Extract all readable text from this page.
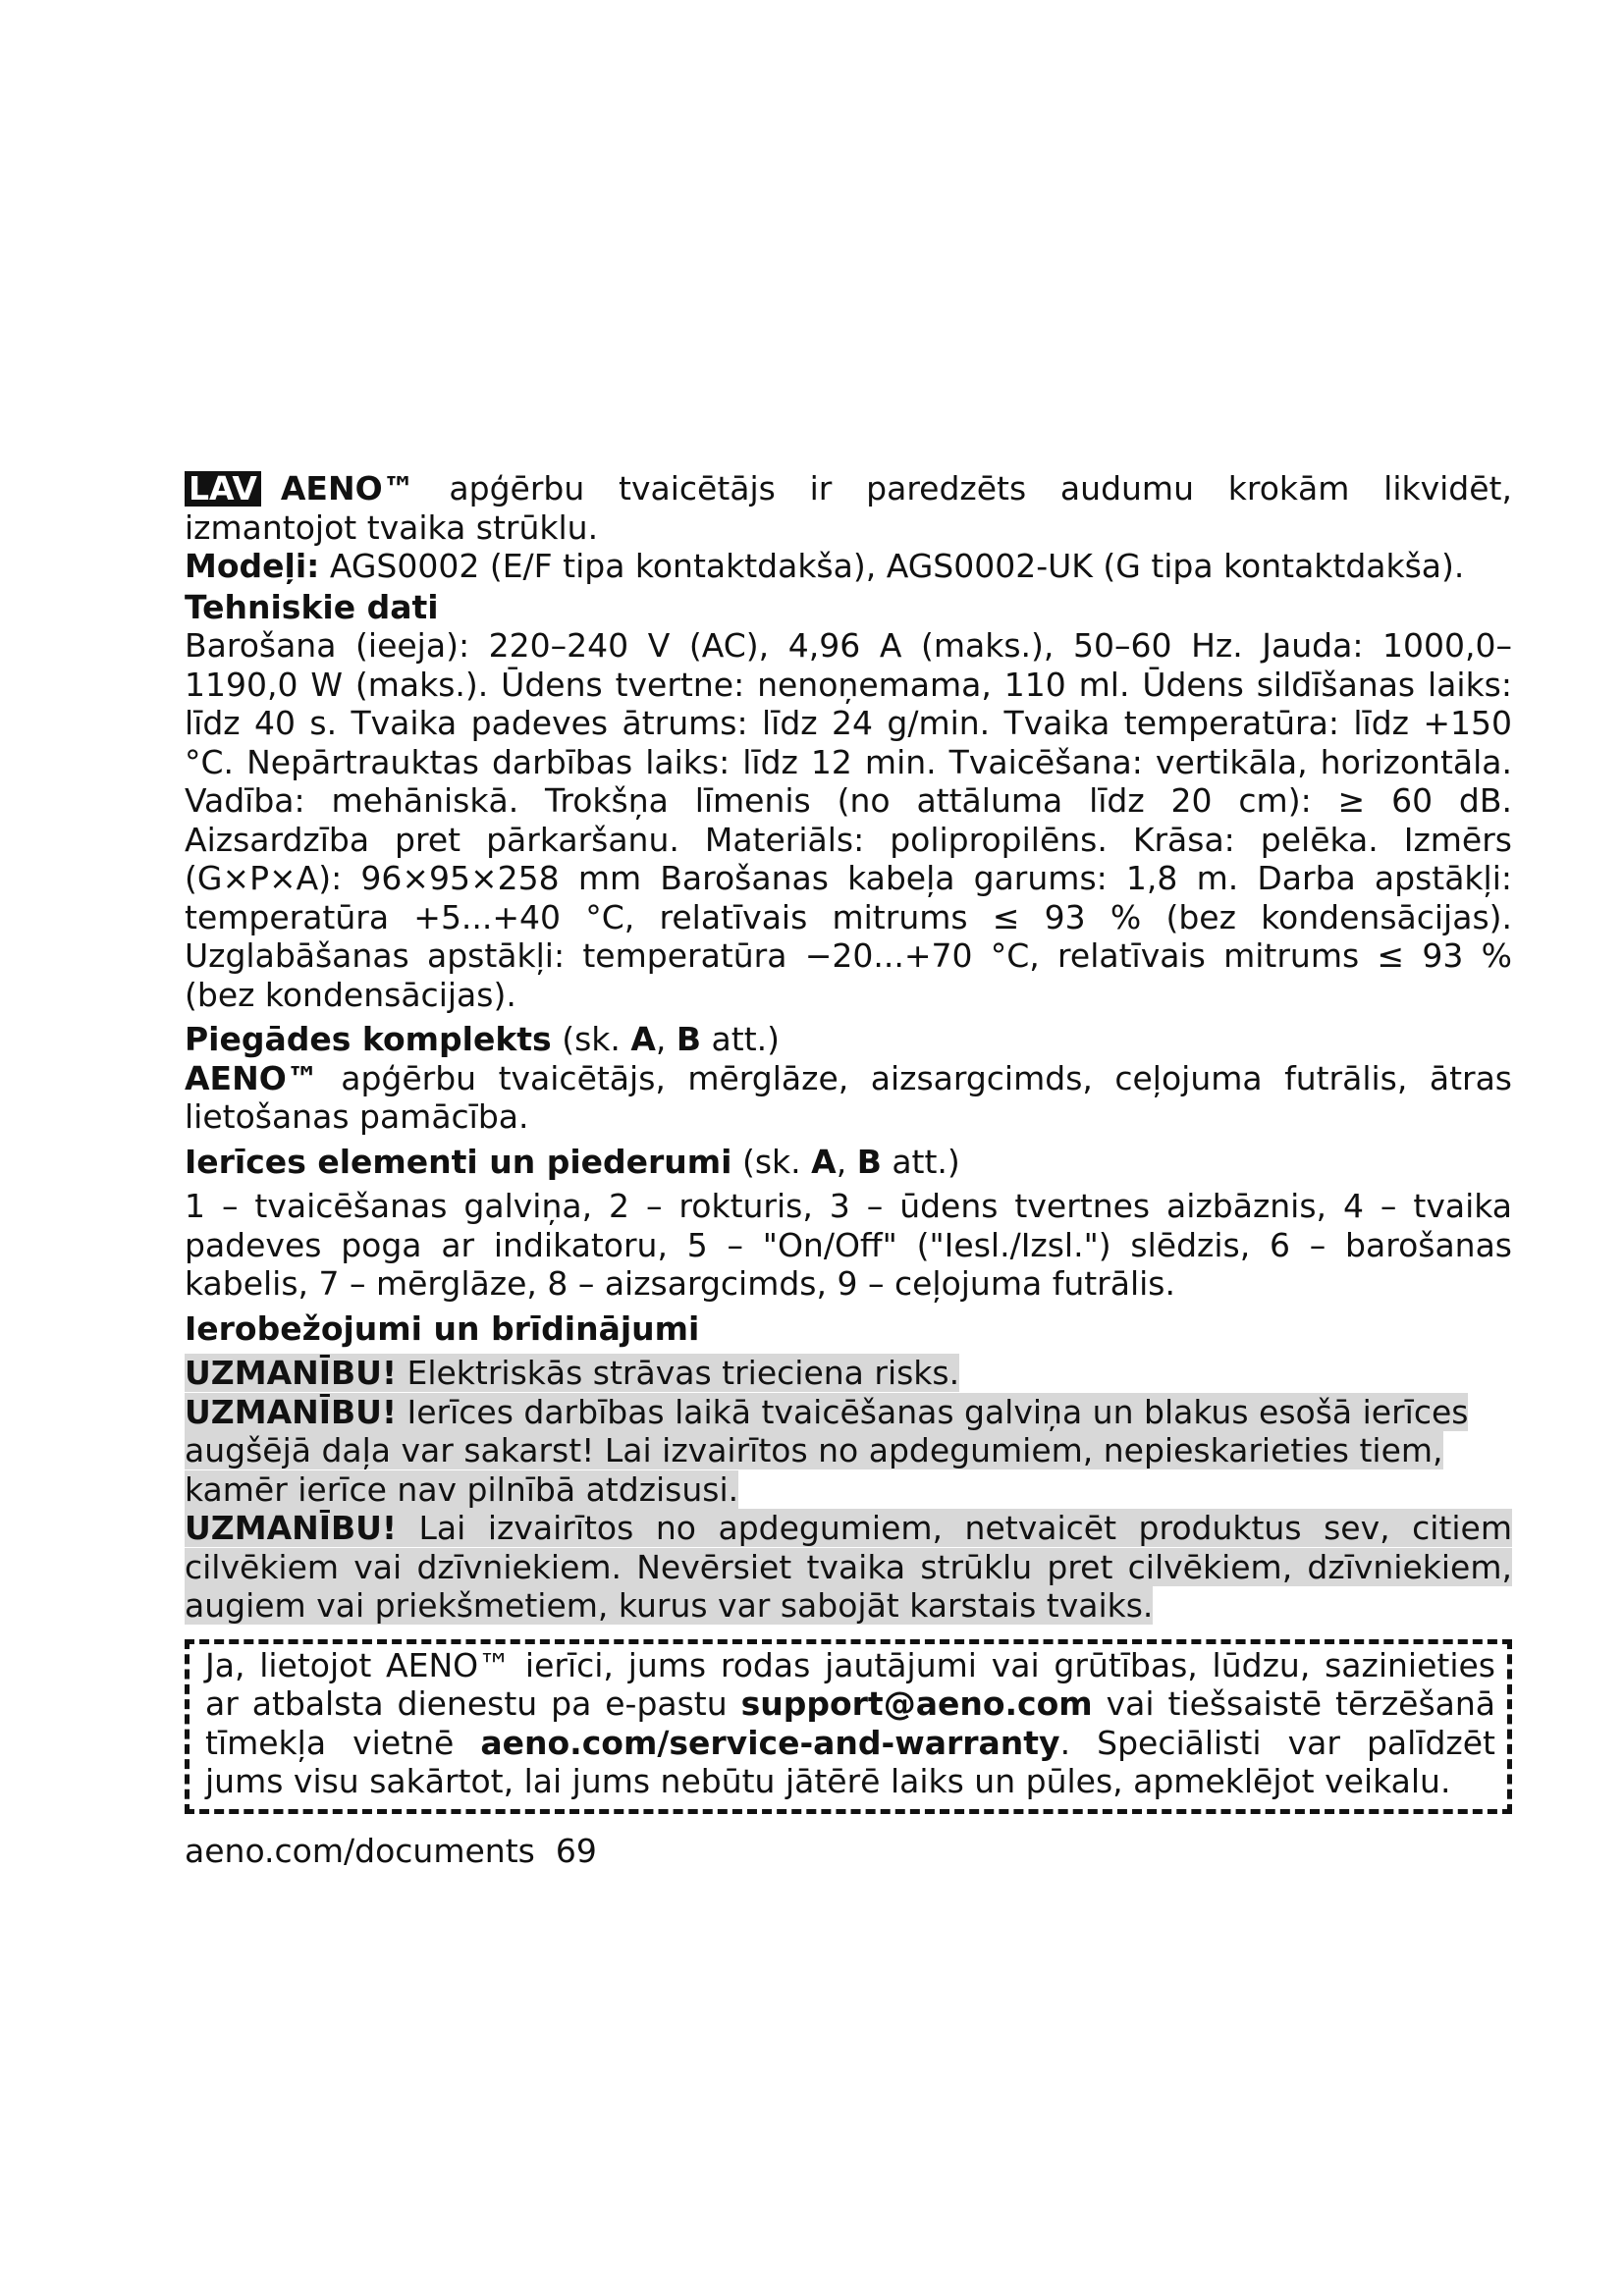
LAV AENO™ apģērbu tvaicētājs ir paredzēts audumu krokām likvidēt, izmantojot tvaika strūklu.

Modeļi: AGS0002 (E/F tipa kontaktdakša), AGS0002-UK (G tipa kontaktdakša).

Tehniskie dati

Barošana (ieeja): 220–240 V (AC), 4,96 A (maks.), 50–60 Hz. Jauda: 1000,0–1190,0 W (maks.). Ūdens tvertne: nenoņemama, 110 ml. Ūdens sildīšanas laiks: līdz 40 s. Tvaika padeves ātrums: līdz 24 g/min. Tvaika temperatūra: līdz +150 °C. Nepārtrauktas darbības laiks: līdz 12 min. Tvaicēšana: vertikāla, horizontāla. Vadība: mehāniskā. Trokšņa līmenis (no attāluma līdz 20 cm): ≥ 60 dB. Aizsardzība pret pārkaršanu. Materiāls: polipropilēns. Krāsa: pelēka. Izmērs (G×P×A): 96×95×258 mm Barošanas kabeļa garums: 1,8 m. Darba apstākļi: temperatūra +5...+40 °C, relatīvais mitrums ≤ 93 % (bez kondensācijas). Uzglabāšanas apstākļi: temperatūra −20...+70 °C, relatīvais mitrums ≤ 93 % (bez kondensācijas).

Piegādes komplekts (sk. A, B att.)

AENO™ apģērbu tvaicētājs, mērglāze, aizsargcimds, ceļojuma futrālis, ātras lietošanas pamācība.

Ierīces elementi un piederumi (sk. A, B att.)

1 – tvaicēšanas galviņa, 2 – rokturis, 3 – ūdens tvertnes aizbāznis, 4 – tvaika padeves poga ar indikatoru, 5 – "On/Off" ("Iesl./Izsl.") slēdzis, 6 – barošanas kabelis, 7 – mērglāze, 8 – aizsargcimds, 9 – ceļojuma futrālis.

Ierobežojumi un brīdinājumi

UZMANĪBU! Elektriskās strāvas trieciena risks.

UZMANĪBU! Ierīces darbības laikā tvaicēšanas galviņa un blakus esošā ierīces augšējā daļa var sakarst! Lai izvairītos no apdegumiem, nepieskarieties tiem, kamēr ierīce nav pilnībā atdzisusi.

UZMANĪBU! Lai izvairītos no apdegumiem, netvaicēt produktus sev, citiem cilvēkiem vai dzīvniekiem. Nevērsiet tvaika strūklu pret cilvēkiem, dzīvniekiem, augiem vai priekšmetiem, kurus var sabojāt karstais tvaiks.

Ja, lietojot AENO™ ierīci, jums rodas jautājumi vai grūtības, lūdzu, sazinieties ar atbalsta dienestu pa e-pastu support@aeno.com vai tiešsaistē tērzēšanā tīmekļa vietnē aeno.com/service-and-warranty. Speciālisti var palīdzēt jums visu sakārtot, lai jums nebūtu jātērē laiks un pūles, apmeklējot veikalu.

aeno.com/documents 69
